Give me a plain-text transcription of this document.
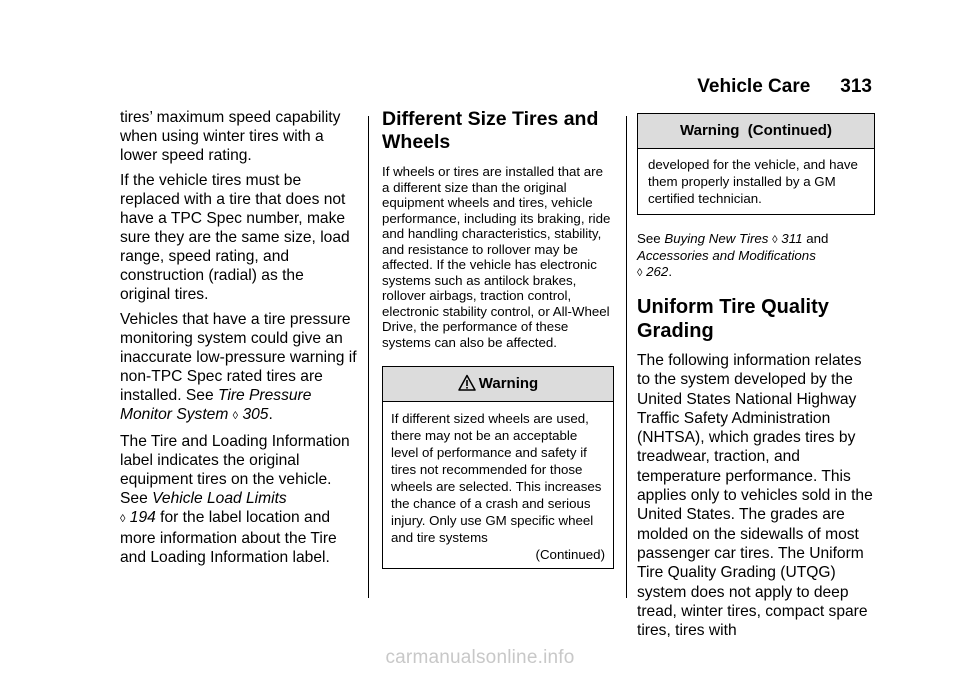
Vehicle Care 313

tires’ maximum speed capability when using winter tires with a lower speed rating.

If the vehicle tires must be replaced with a tire that does not have a TPC Spec number, make sure they are the same size, load range, speed rating, and construction (radial) as the original tires.

Vehicles that have a tire pressure monitoring system could give an inaccurate low-pressure warning if non-TPC Spec rated tires are installed. See Tire Pressure Monitor System ◊ 305.

The Tire and Loading Information label indicates the original equipment tires on the vehicle. See Vehicle Load Limits
◊ 194 for the label location and more information about the Tire and Loading Information label.

Different Size Tires and Wheels

If wheels or tires are installed that are a different size than the original equipment wheels and tires, vehicle performance, including its braking, ride and handling characteristics, stability, and resistance to rollover may be affected. If the vehicle has electronic systems such as antilock brakes, rollover airbags, traction control, electronic stability control, or All-Wheel Drive, the performance of these systems can also be affected.

Warning
If different sized wheels are used, there may not be an acceptable level of performance and safety if tires not recommended for those wheels are selected. This increases the chance of a crash and serious injury. Only use GM specific wheel and tire systems
(Continued)
Warning  (Continued)
developed for the vehicle, and have them properly installed by a GM certified technician.

See Buying New Tires ◊ 311 and
Accessories and Modifications
◊ 262.

Uniform Tire Quality Grading

The following information relates to the system developed by the United States National Highway Traffic Safety Administration (NHTSA), which grades tires by treadwear, traction, and temperature performance. This applies only to vehicles sold in the United States. The grades are molded on the sidewalls of most passenger car tires. The Uniform Tire Quality Grading (UTQG) system does not apply to deep tread, winter tires, compact spare tires, tires with

carmanualsonline.info
